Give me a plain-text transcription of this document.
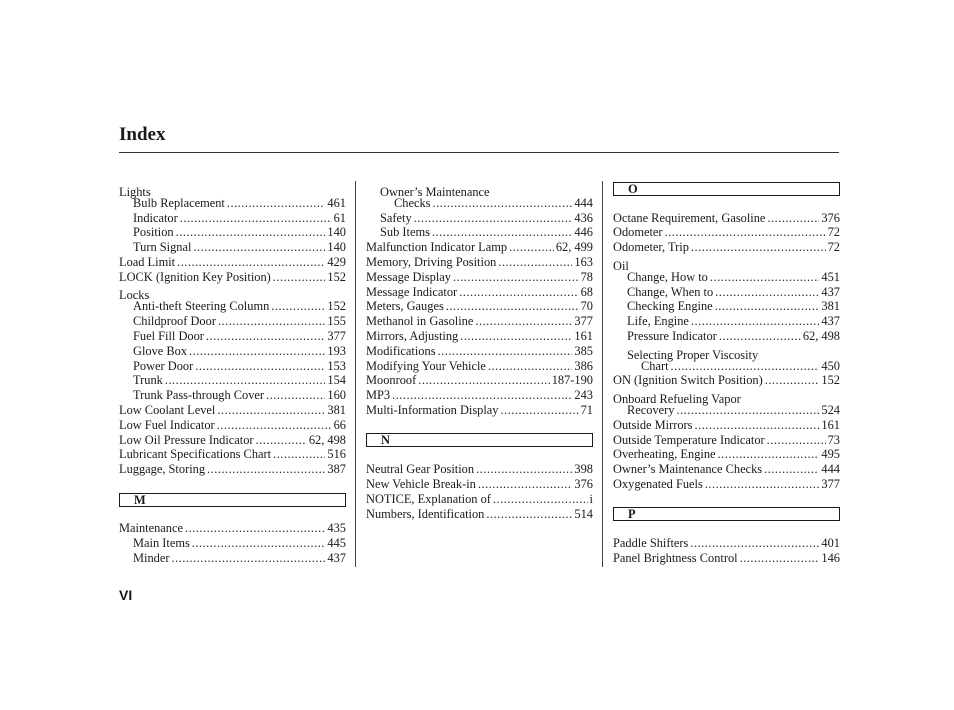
Index
Lights
Bulb Replacement .....	461
Indicator .....	61
Position .....	140
Turn Signal .....	140
Load Limit .....	429
LOCK (Ignition Key Position) .....	152
Locks
Anti-theft Steering Column .....	152
Childproof Door .....	155
Fuel Fill Door .....	377
Glove Box .....	193
Power Door .....	153
Trunk .....	154
Trunk Pass-through Cover .....	160
Low Coolant Level .....	381
Low Fuel Indicator .....	66
Low Oil Pressure Indicator .....	62, 498
Lubricant Specifications Chart .....	516
Luggage, Storing .....	387
M
Maintenance .....	435
Main Items .....	445
Minder .....	437
Owner’s Maintenance
Checks .....	444
Safety .....	436
Sub Items .....	446
Malfunction Indicator Lamp .....	62, 499
Memory, Driving Position .....	163
Message Display .....	78
Message Indicator .....	68
Meters, Gauges .....	70
Methanol in Gasoline .....	377
Mirrors, Adjusting .....	161
Modifications .....	385
Modifying Your Vehicle .....	386
Moonroof .....	187-190
MP3 .....	243
Multi-Information Display .....	71
N
Neutral Gear Position .....	398
New Vehicle Break-in .....	376
NOTICE, Explanation of .....	i
Numbers, Identification .....	514
O
Octane Requirement, Gasoline .....	376
Odometer .....	72
Odometer, Trip .....	72
Oil
Change, How to .....	451
Change, When to .....	437
Checking Engine .....	381
Life, Engine .....	437
Pressure Indicator .....	62, 498
Selecting Proper Viscosity
Chart .....	450
ON (Ignition Switch Position) .....	152
Onboard Refueling Vapor
Recovery .....	524
Outside Mirrors .....	161
Outside Temperature Indicator .....	73
Overheating, Engine .....	495
Owner’s Maintenance Checks .....	444
Oxygenated Fuels .....	377
P
Paddle Shifters .....	401
Panel Brightness Control .....	146
VI
